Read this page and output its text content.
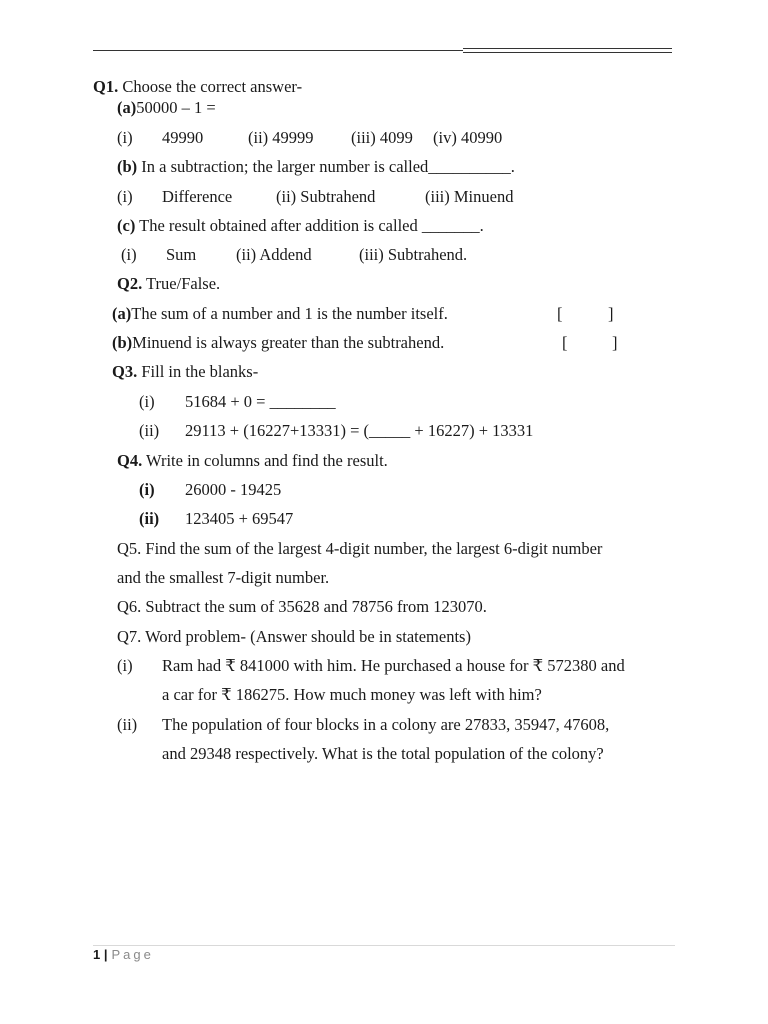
Q1. Choose the correct answer-
(a)50000 – 1 =
(i) 49990	(ii) 49999 (iii) 4099 (iv) 40990
(b) In a subtraction; the larger number is called__________.
(i) Difference	(ii) Subtrahend	(iii) Minuend
(c) The result obtained after addition is called _______.
(i) Sum (ii) Addend	(iii) Subtrahend.
Q2. True/False.
(a)The sum of a number and 1 is the number itself.	[	]
(b)Minuend is always greater than the subtrahend.	[	]
Q3. Fill in the blanks-
(i) 51684 + 0 = ________
(ii) 29113 + (16227+13331) = (_____ + 16227) + 13331
Q4. Write in columns and find the result.
(i) 26000 - 19425
(ii) 123405 + 69547
Q5. Find the sum of the largest 4-digit number, the largest 6-digit number
and the smallest 7-digit number.
Q6. Subtract the sum of 35628 and 78756 from 123070.
Q7. Word problem- (Answer should be in statements)
(i) Ram had ₹ 841000 with him. He purchased a house for ₹ 572380 and
a car for ₹ 186275. How much money was left with him?
(ii) The population of four blocks in a colony are 27833, 35947, 47608,
and 29348 respectively. What is the total population of the colony?
1 | Page
